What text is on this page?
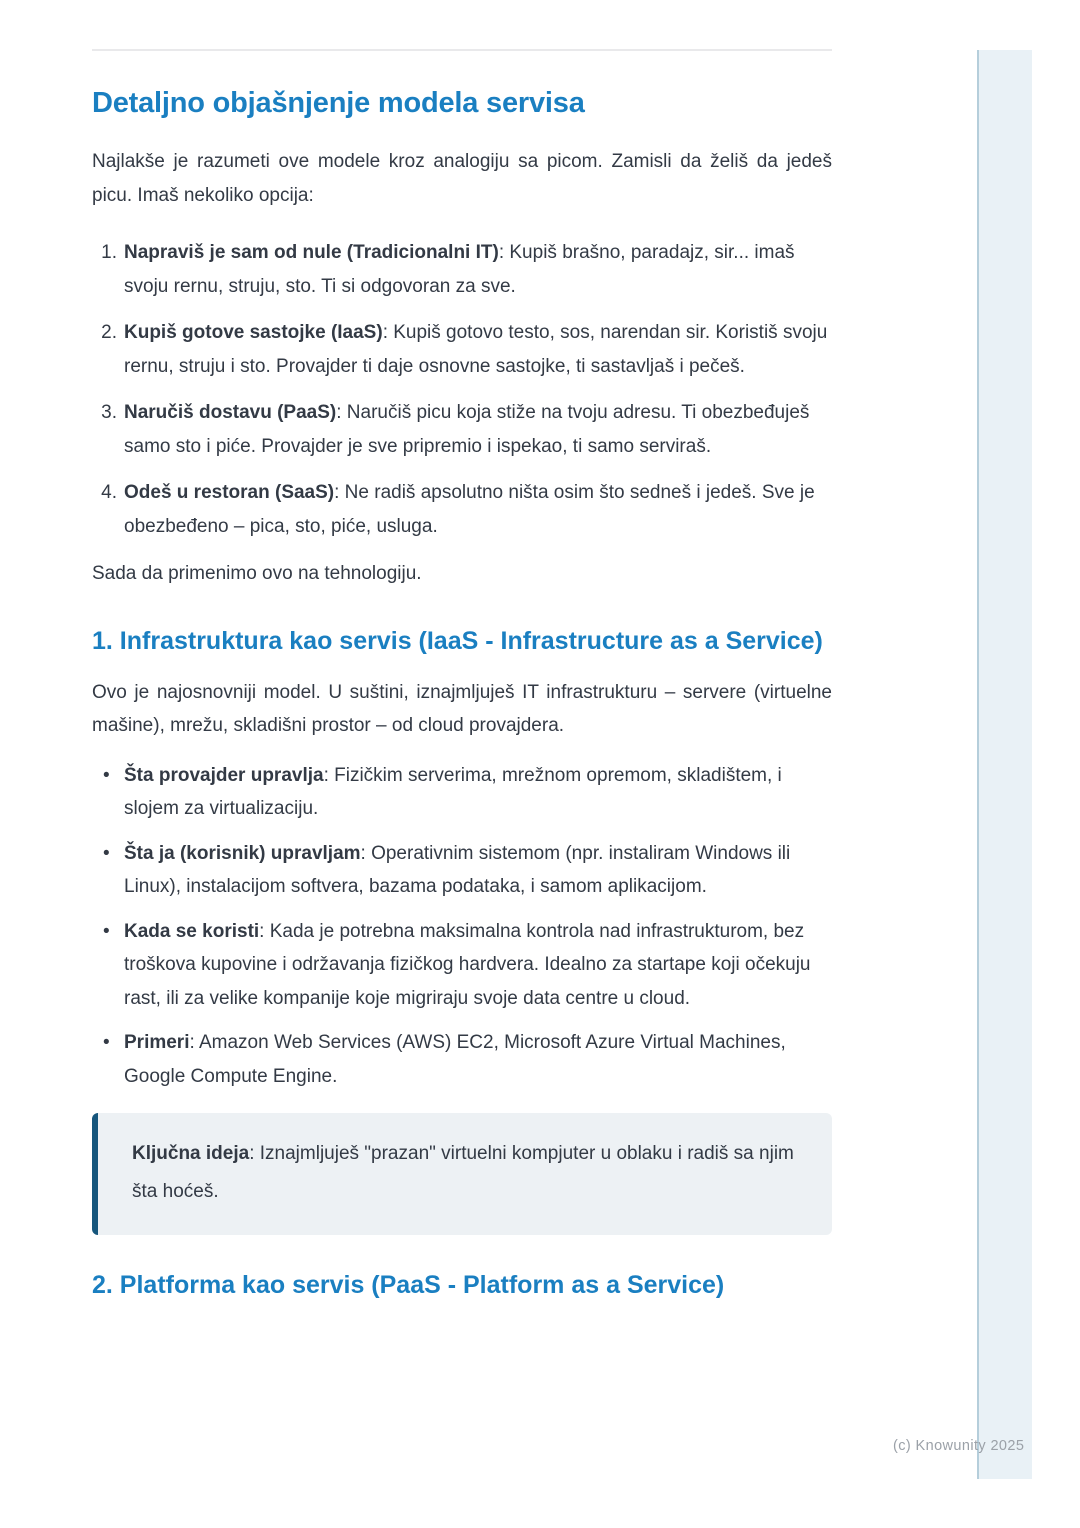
Detaljno objašnjenje modela servisa

Najlakše je razumeti ove modele kroz analogiju sa picom. Zamisli da želiš da jedeš picu. Imaš nekoliko opcija:

Napraviš je sam od nule (Tradicionalni IT): Kupiš brašno, paradajz, sir... imaš svoju rernu, struju, sto. Ti si odgovoran za sve.
Kupiš gotove sastojke (IaaS): Kupiš gotovo testo, sos, narendan sir. Koristiš svoju rernu, struju i sto. Provajder ti daje osnovne sastojke, ti sastavljaš i pečeš.
Naručiš dostavu (PaaS): Naručiš picu koja stiže na tvoju adresu. Ti obezbeđuješ samo sto i piće. Provajder je sve pripremio i ispekao, ti samo serviraš.
Odeš u restoran (SaaS): Ne radiš apsolutno ništa osim što sedneš i jedeš. Sve je obezbeđeno – pica, sto, piće, usluga.

Sada da primenimo ovo na tehnologiju.

1. Infrastruktura kao servis (IaaS - Infrastructure as a Service)

Ovo je najosnovniji model. U suštini, iznajmljuješ IT infrastrukturu – servere (virtuelne mašine), mrežu, skladišni prostor – od cloud provajdera.

• Šta provajder upravlja: Fizičkim serverima, mrežnom opremom, skladištem, i slojem za virtualizaciju.
• Šta ja (korisnik) upravljam: Operativnim sistemom (npr. instaliram Windows ili Linux), instalacijom softvera, bazama podataka, i samom aplikacijom.
• Kada se koristi: Kada je potrebna maksimalna kontrola nad infrastrukturom, bez troškova kupovine i održavanja fizičkog hardvera. Idealno za startape koji očekuju rast, ili za velike kompanije koje migriraju svoje data centre u cloud.
• Primeri: Amazon Web Services (AWS) EC2, Microsoft Azure Virtual Machines, Google Compute Engine.
Ključna ideja: Iznajmljuješ "prazan" virtuelni kompjuter u oblaku i radiš sa njim šta hoćeš.
2. Platforma kao servis (PaaS - Platform as a Service)
(c) Knowunity 2025
